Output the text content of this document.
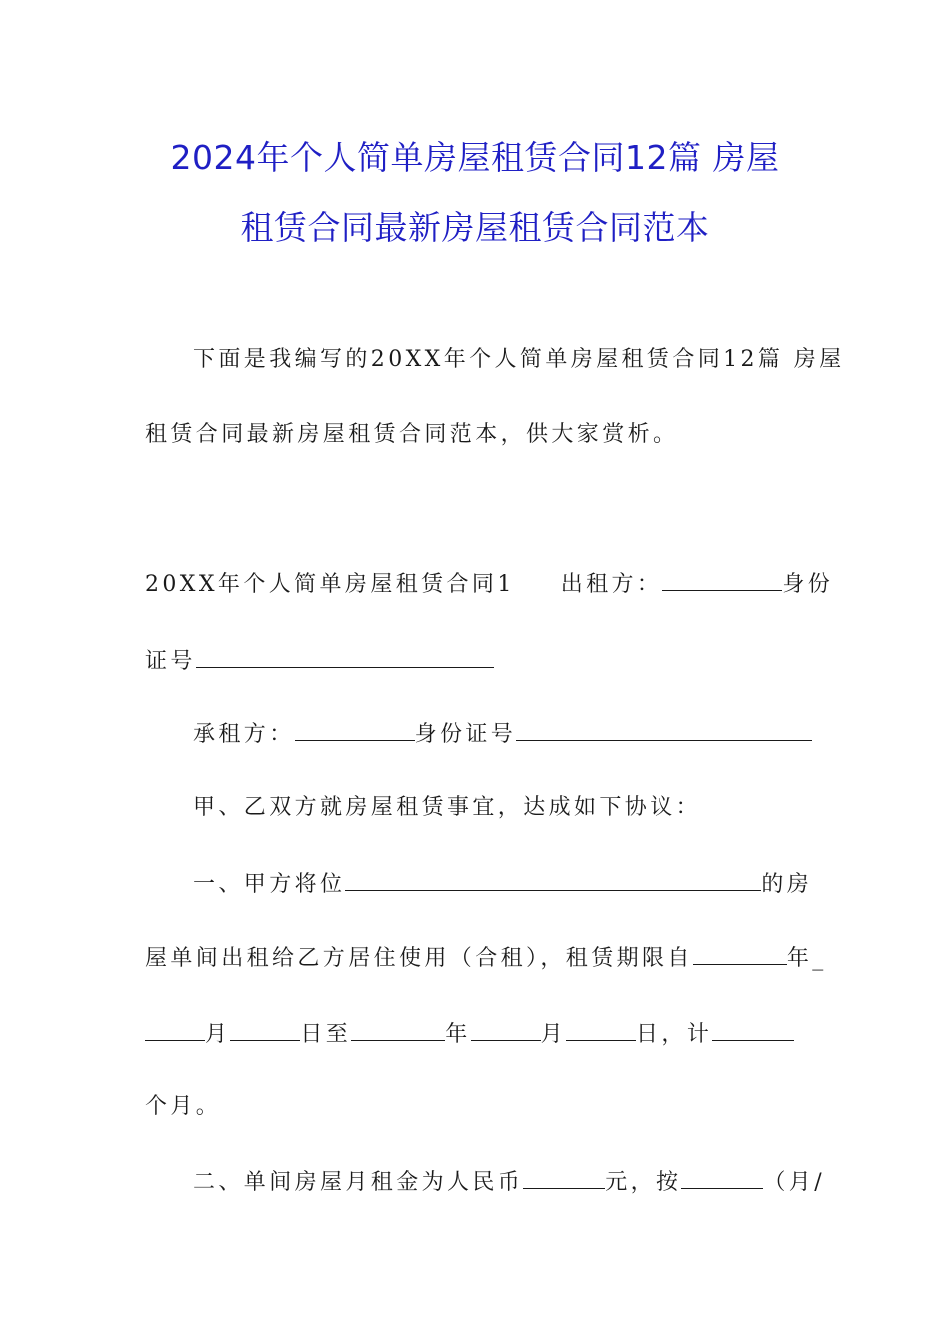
2024年个人简单房屋租赁合同12篇 房屋
租赁合同最新房屋租赁合同范本
下面是我编写的20XX年个人简单房屋租赁合同12篇 房屋
租赁合同最新房屋租赁合同范本，供大家赏析。
20XX年个人简单房屋租赁合同1 出租方：	身份
证号
承租方：	身份证号
甲、乙双方就房屋租赁事宜，达成如下协议：
一、甲方将位	的房
屋单间出租给乙方居住使用（合租），租赁期限自	年_
月	日至	年	月	日，计
个月。
二、单间房屋月租金为人民币	元，按	（月/
